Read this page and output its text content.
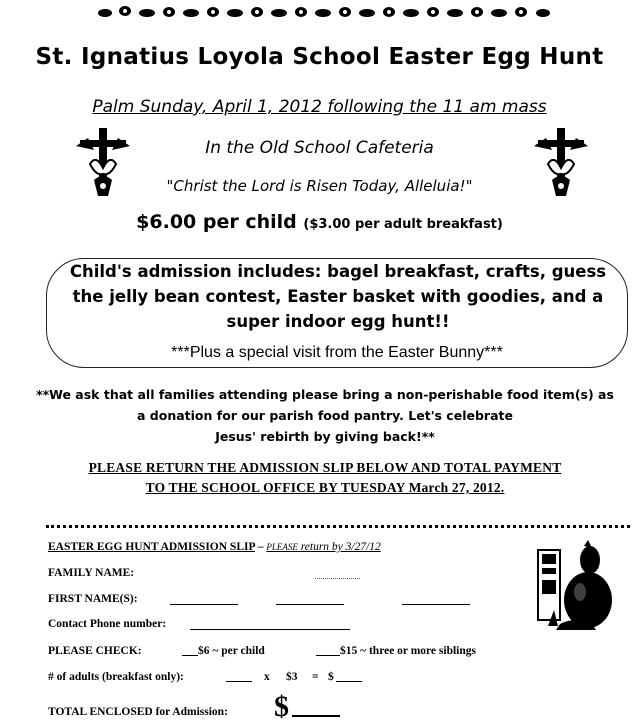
St. Ignatius Loyola School Easter Egg Hunt
Palm Sunday, April 1, 2012 following the 11 am mass
In the Old School Cafeteria
"Christ the Lord is Risen Today, Alleluia!"
$6.00 per child ($3.00 per adult breakfast)
Child's admission includes: bagel breakfast, crafts, guess the jelly bean contest, Easter basket with goodies, and a super indoor egg hunt!!
***Plus a special visit from the Easter Bunny***
**We ask that all families attending please bring a non-perishable food item(s) as
a donation for our parish food pantry. Let's celebrate
Jesus' rebirth by giving back!**
PLEASE RETURN THE ADMISSION SLIP BELOW AND TOTAL PAYMENT
TO THE SCHOOL OFFICE BY TUESDAY March 27, 2012.
EASTER EGG HUNT ADMISSION SLIP – PLEASE return by 3/27/12
FAMILY NAME:
FIRST NAME(S):
Contact Phone number:
PLEASE CHECK:	$6 ~ per child	$15 ~ three or more siblings
# of adults (breakfast only):	x $3 = $
TOTAL ENCLOSED for Admission: $
